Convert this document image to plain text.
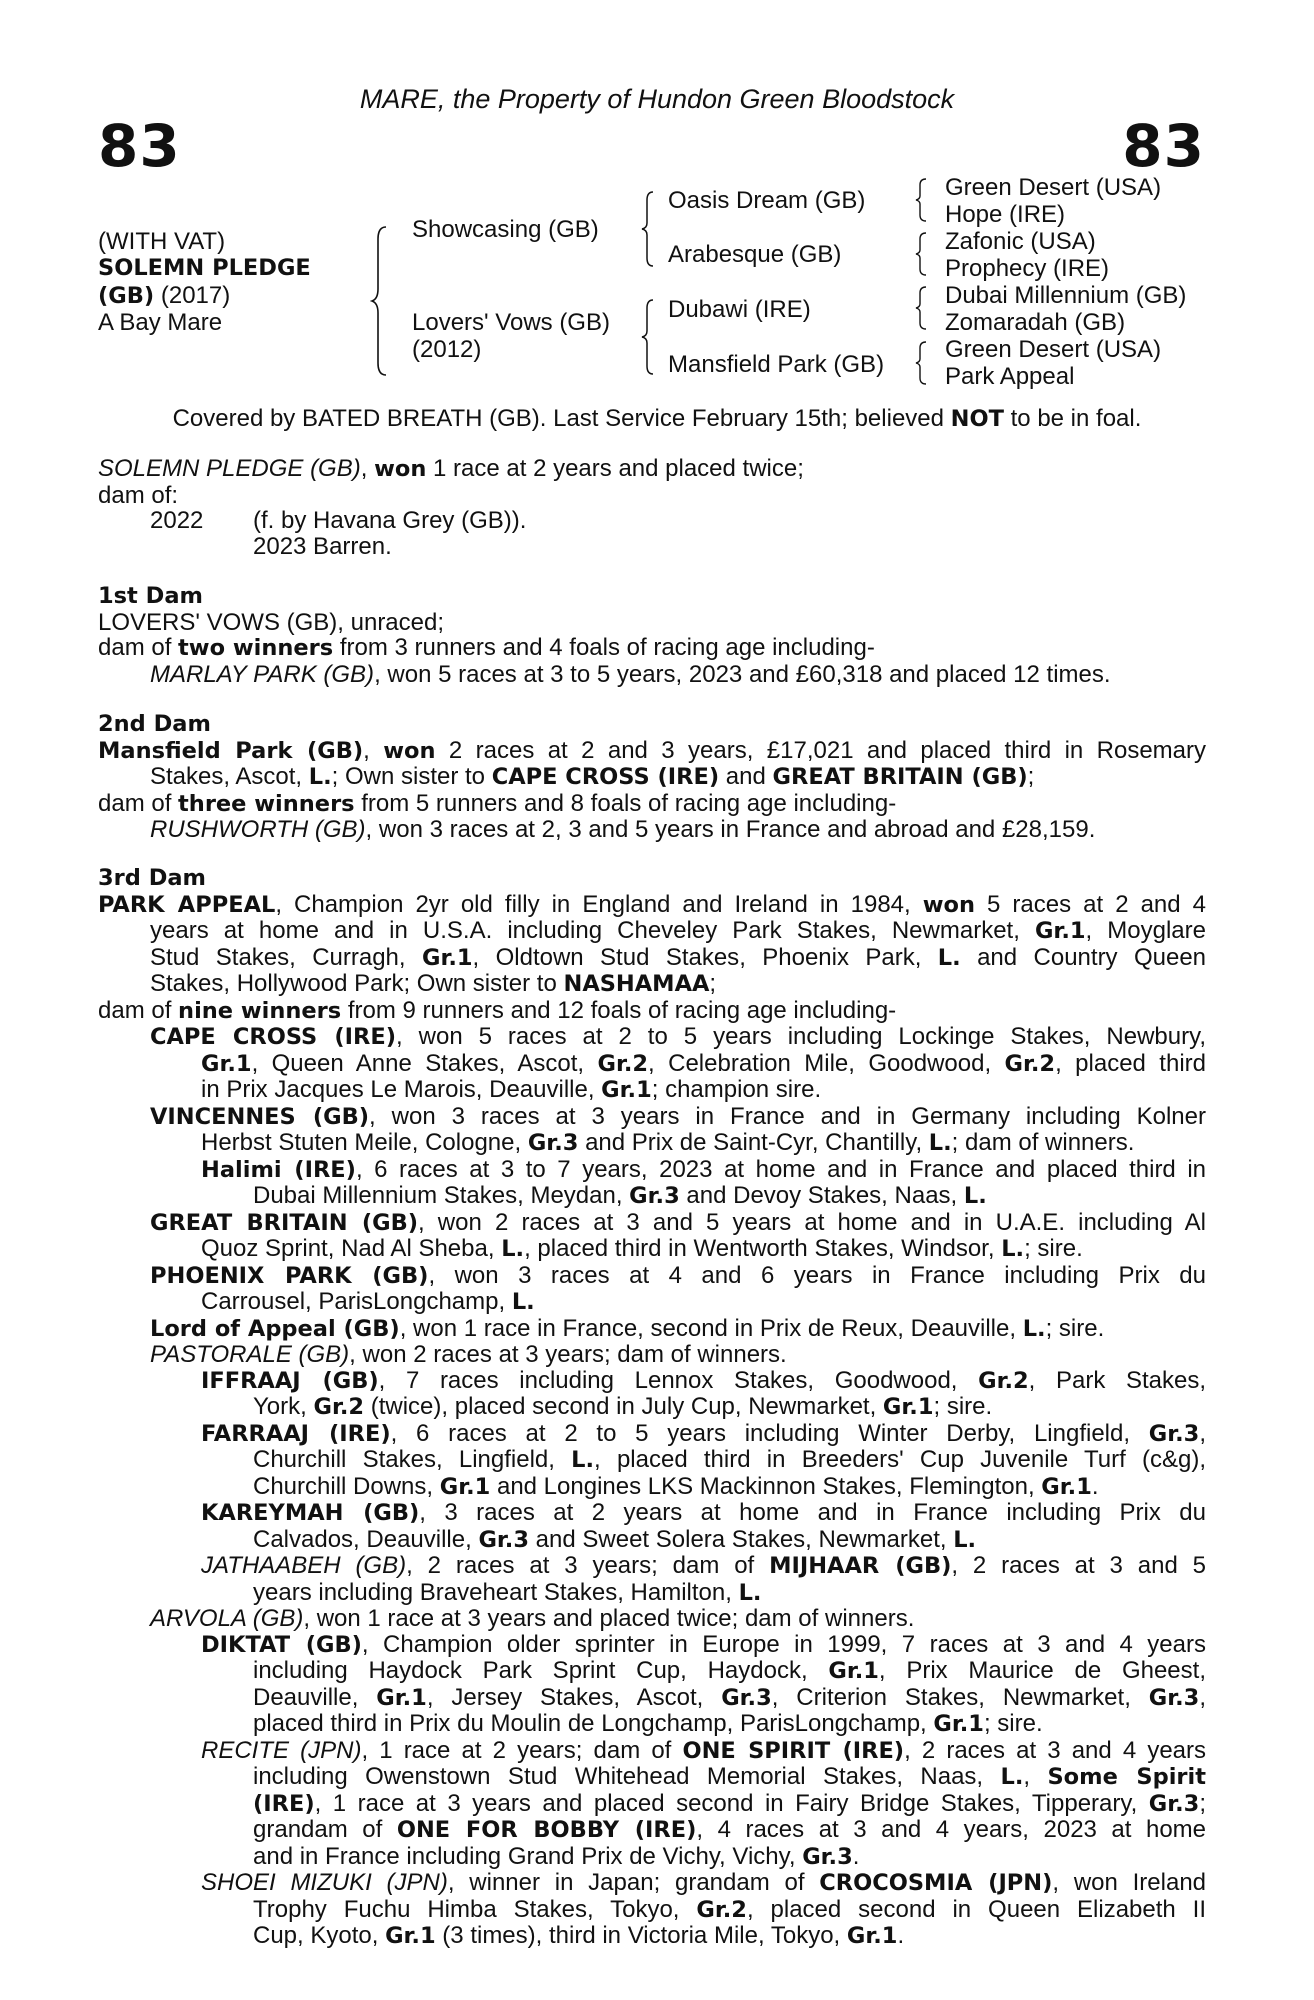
MARE, the Property of Hundon Green Bloodstock
83	83
(WITH VAT)
SOLEMN PLEDGE
(GB) (2017)
A Bay Mare
Showcasing (GB)
Lovers' Vows (GB)
(2012)
Oasis Dream (GB)
Arabesque (GB)
Dubawi (IRE)
Mansfield Park (GB)
Green Desert (USA)
Hope (IRE)
Zafonic (USA)
Prophecy (IRE)
Dubai Millennium (GB)
Zomaradah (GB)
Green Desert (USA)
Park Appeal
Covered by BATED BREATH (GB). Last Service February 15th; believed NOT to be in foal.
SOLEMN PLEDGE (GB), won 1 race at 2 years and placed twice;
dam of:
2022 (f. by Havana Grey (GB)).
2023 Barren.
1st Dam
LOVERS' VOWS (GB), unraced;
dam of two winners from 3 runners and 4 foals of racing age including-
MARLAY PARK (GB), won 5 races at 3 to 5 years, 2023 and £60,318 and placed 12 times.
2nd Dam
Mansfield Park (GB), won 2 races at 2 and 3 years, £17,021 and placed third in Rosemary
Stakes, Ascot, L.; Own sister to CAPE CROSS (IRE) and GREAT BRITAIN (GB);
dam of three winners from 5 runners and 8 foals of racing age including-
RUSHWORTH (GB), won 3 races at 2, 3 and 5 years in France and abroad and £28,159.
3rd Dam
PARK APPEAL, Champion 2yr old filly in England and Ireland in 1984, won 5 races at 2 and 4
years at home and in U.S.A. including Cheveley Park Stakes, Newmarket, Gr.1, Moyglare
Stud Stakes, Curragh, Gr.1, Oldtown Stud Stakes, Phoenix Park, L. and Country Queen
Stakes, Hollywood Park; Own sister to NASHAMAA;
dam of nine winners from 9 runners and 12 foals of racing age including-
CAPE CROSS (IRE), won 5 races at 2 to 5 years including Lockinge Stakes, Newbury,
Gr.1, Queen Anne Stakes, Ascot, Gr.2, Celebration Mile, Goodwood, Gr.2, placed third
in Prix Jacques Le Marois, Deauville, Gr.1; champion sire.
VINCENNES (GB), won 3 races at 3 years in France and in Germany including Kolner
Herbst Stuten Meile, Cologne, Gr.3 and Prix de Saint-Cyr, Chantilly, L.; dam of winners.
Halimi (IRE), 6 races at 3 to 7 years, 2023 at home and in France and placed third in
Dubai Millennium Stakes, Meydan, Gr.3 and Devoy Stakes, Naas, L.
GREAT BRITAIN (GB), won 2 races at 3 and 5 years at home and in U.A.E. including Al
Quoz Sprint, Nad Al Sheba, L., placed third in Wentworth Stakes, Windsor, L.; sire.
PHOENIX PARK (GB), won 3 races at 4 and 6 years in France including Prix du
Carrousel, ParisLongchamp, L.
Lord of Appeal (GB), won 1 race in France, second in Prix de Reux, Deauville, L.; sire.
PASTORALE (GB), won 2 races at 3 years; dam of winners.
IFFRAAJ (GB), 7 races including Lennox Stakes, Goodwood, Gr.2, Park Stakes,
York, Gr.2 (twice), placed second in July Cup, Newmarket, Gr.1; sire.
FARRAAJ (IRE), 6 races at 2 to 5 years including Winter Derby, Lingfield, Gr.3,
Churchill Stakes, Lingfield, L., placed third in Breeders' Cup Juvenile Turf (c&g),
Churchill Downs, Gr.1 and Longines LKS Mackinnon Stakes, Flemington, Gr.1.
KAREYMAH (GB), 3 races at 2 years at home and in France including Prix du
Calvados, Deauville, Gr.3 and Sweet Solera Stakes, Newmarket, L.
JATHAABEH (GB), 2 races at 3 years; dam of MIJHAAR (GB), 2 races at 3 and 5
years including Braveheart Stakes, Hamilton, L.
ARVOLA (GB), won 1 race at 3 years and placed twice; dam of winners.
DIKTAT (GB), Champion older sprinter in Europe in 1999, 7 races at 3 and 4 years
including Haydock Park Sprint Cup, Haydock, Gr.1, Prix Maurice de Gheest,
Deauville, Gr.1, Jersey Stakes, Ascot, Gr.3, Criterion Stakes, Newmarket, Gr.3,
placed third in Prix du Moulin de Longchamp, ParisLongchamp, Gr.1; sire.
RECITE (JPN), 1 race at 2 years; dam of ONE SPIRIT (IRE), 2 races at 3 and 4 years
including Owenstown Stud Whitehead Memorial Stakes, Naas, L., Some Spirit
(IRE), 1 race at 3 years and placed second in Fairy Bridge Stakes, Tipperary, Gr.3;
grandam of ONE FOR BOBBY (IRE), 4 races at 3 and 4 years, 2023 at home
and in France including Grand Prix de Vichy, Vichy, Gr.3.
SHOEI MIZUKI (JPN), winner in Japan; grandam of CROCOSMIA (JPN), won Ireland
Trophy Fuchu Himba Stakes, Tokyo, Gr.2, placed second in Queen Elizabeth II
Cup, Kyoto, Gr.1 (3 times), third in Victoria Mile, Tokyo, Gr.1.
